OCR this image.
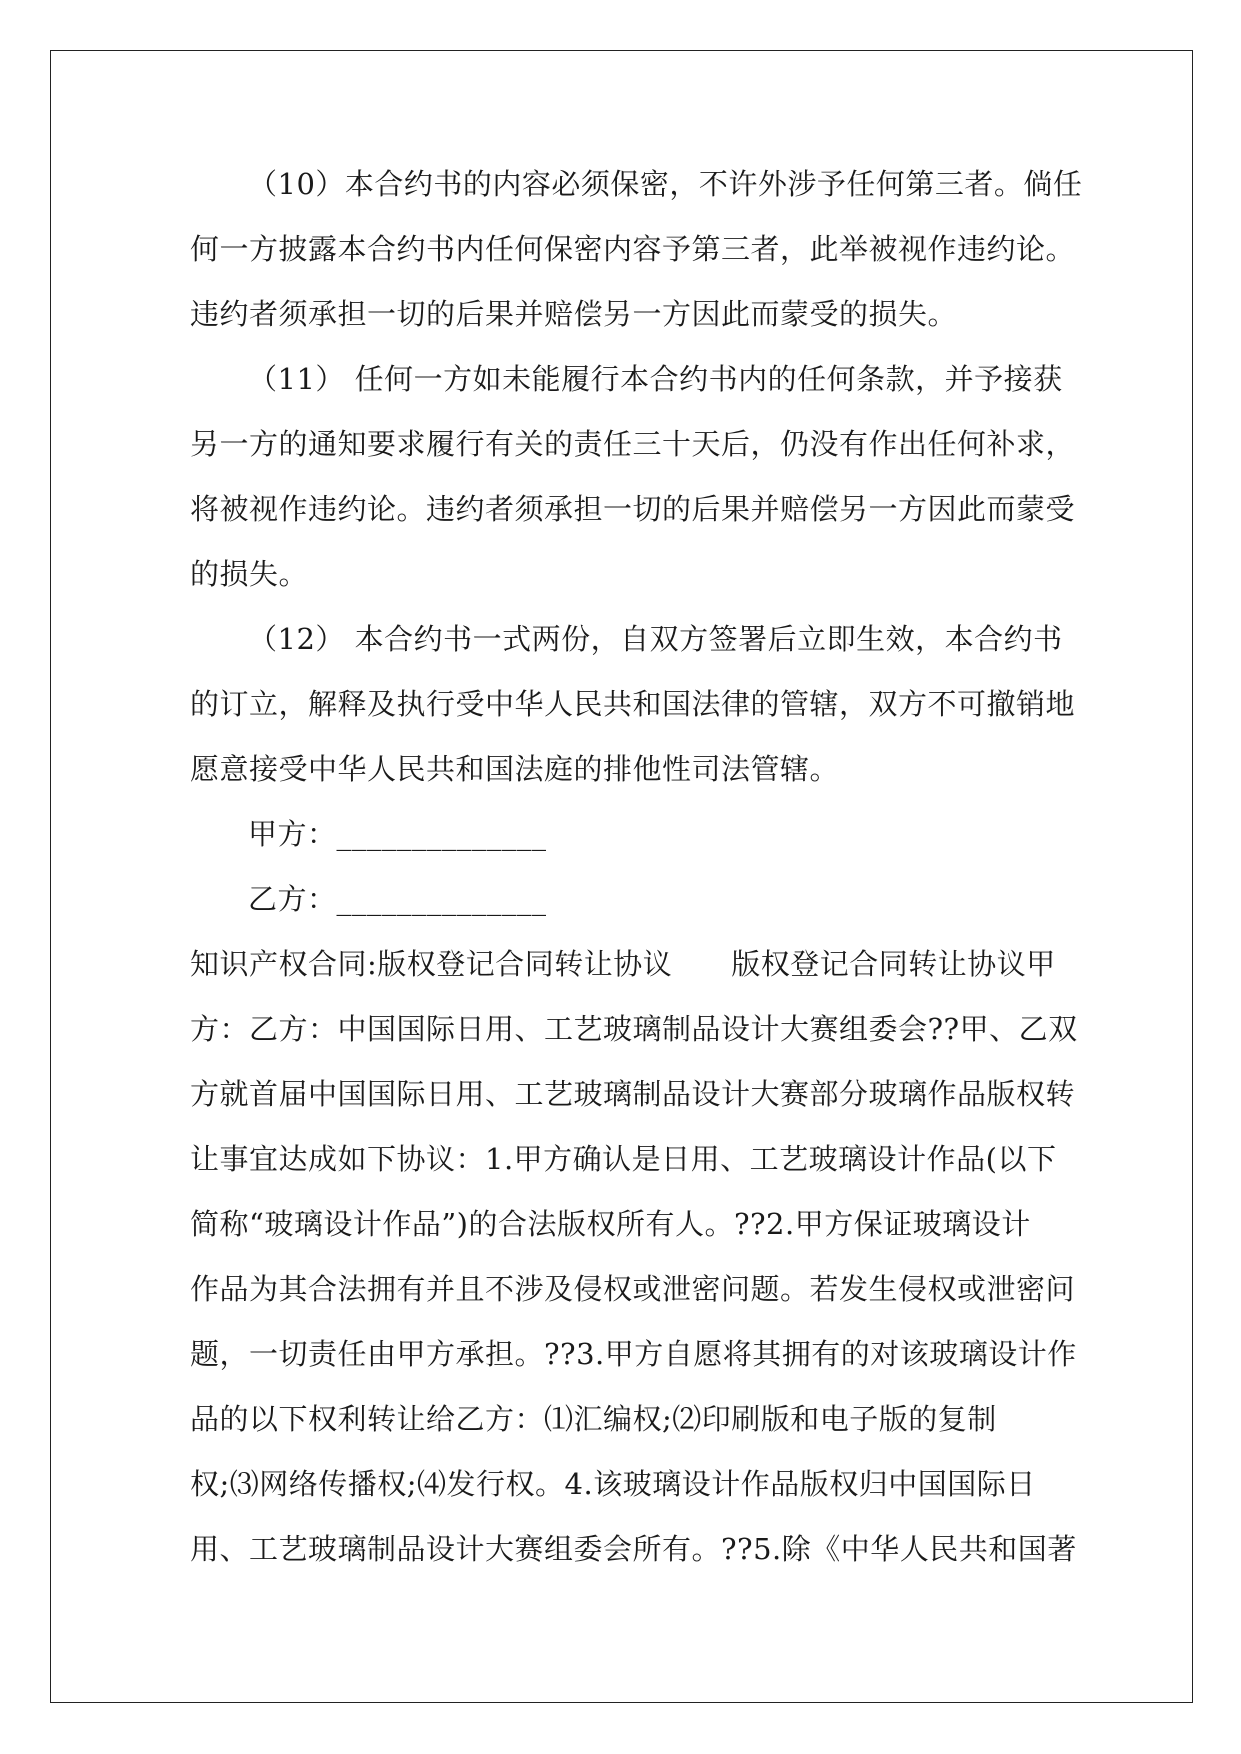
（10）本合约书的内容必须保密，不许外涉予任何第三者。倘任
何一方披露本合约书内任何保密内容予第三者，此举被视作违约论。
违约者须承担一切的后果并赔偿另一方因此而蒙受的损失。
（11） 任何一方如未能履行本合约书内的任何条款，并予接获
另一方的通知要求履行有关的责任三十天后，仍没有作出任何补求，
将被视作违约论。违约者须承担一切的后果并赔偿另一方因此而蒙受
的损失。
（12） 本合约书一式两份，自双方签署后立即生效，本合约书
的订立，解释及执行受中华人民共和国法律的管辖，双方不可撤销地
愿意接受中华人民共和国法庭的排他性司法管辖。
甲方：______________
乙方：______________
知识产权合同:版权登记合同转让协议　　版权登记合同转让协议甲
方：乙方：中国国际日用、工艺玻璃制品设计大赛组委会??甲、乙双
方就首届中国国际日用、工艺玻璃制品设计大赛部分玻璃作品版权转
让事宜达成如下协议：1.甲方确认是日用、工艺玻璃设计作品(以下
简称“玻璃设计作品”)的合法版权所有人。??2.甲方保证玻璃设计
作品为其合法拥有并且不涉及侵权或泄密问题。若发生侵权或泄密问
题，一切责任由甲方承担。??3.甲方自愿将其拥有的对该玻璃设计作
品的以下权利转让给乙方：⑴汇编权;⑵印刷版和电子版的复制
权;⑶网络传播权;⑷发行权。4.该玻璃设计作品版权归中国国际日
用、工艺玻璃制品设计大赛组委会所有。??5.除《中华人民共和国著
